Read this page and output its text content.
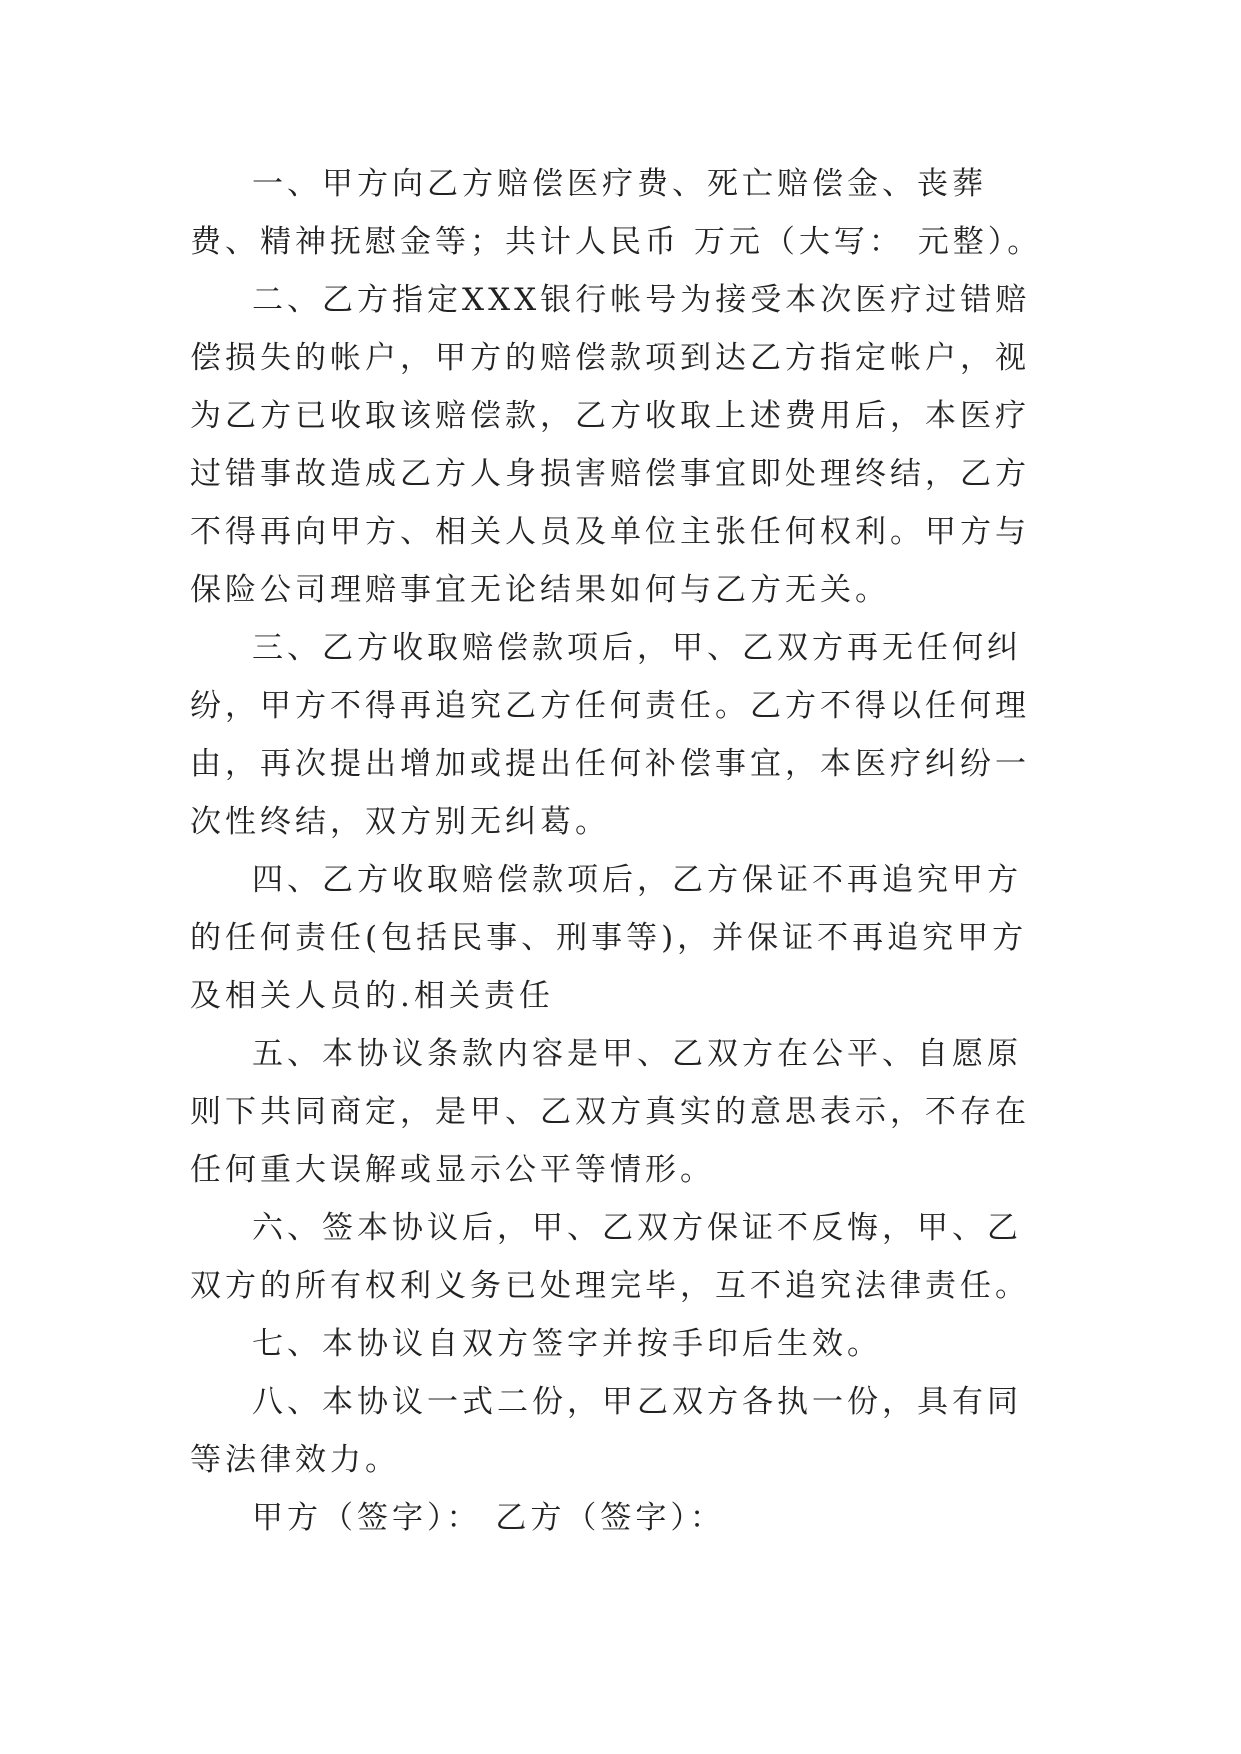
一、甲方向乙方赔偿医疗费、死亡赔偿金、丧葬费、精神抚慰金等；共计人民币 万元（大写： 元整）。

二、乙方指定XXX银行帐号为接受本次医疗过错赔偿损失的帐户，甲方的赔偿款项到达乙方指定帐户，视为乙方已收取该赔偿款，乙方收取上述费用后，本医疗过错事故造成乙方人身损害赔偿事宜即处理终结，乙方不得再向甲方、相关人员及单位主张任何权利。甲方与保险公司理赔事宜无论结果如何与乙方无关。

三、乙方收取赔偿款项后，甲、乙双方再无任何纠纷，甲方不得再追究乙方任何责任。乙方不得以任何理由，再次提出增加或提出任何补偿事宜，本医疗纠纷一次性终结，双方别无纠葛。

四、乙方收取赔偿款项后，乙方保证不再追究甲方的任何责任(包括民事、刑事等)，并保证不再追究甲方及相关人员的.相关责任

五、本协议条款内容是甲、乙双方在公平、自愿原则下共同商定，是甲、乙双方真实的意思表示，不存在任何重大误解或显示公平等情形。

六、签本协议后，甲、乙双方保证不反悔，甲、乙双方的所有权利义务已处理完毕，互不追究法律责任。

七、本协议自双方签字并按手印后生效。

八、本协议一式二份，甲乙双方各执一份，具有同等法律效力。

甲方（签字）： 乙方（签字）：
